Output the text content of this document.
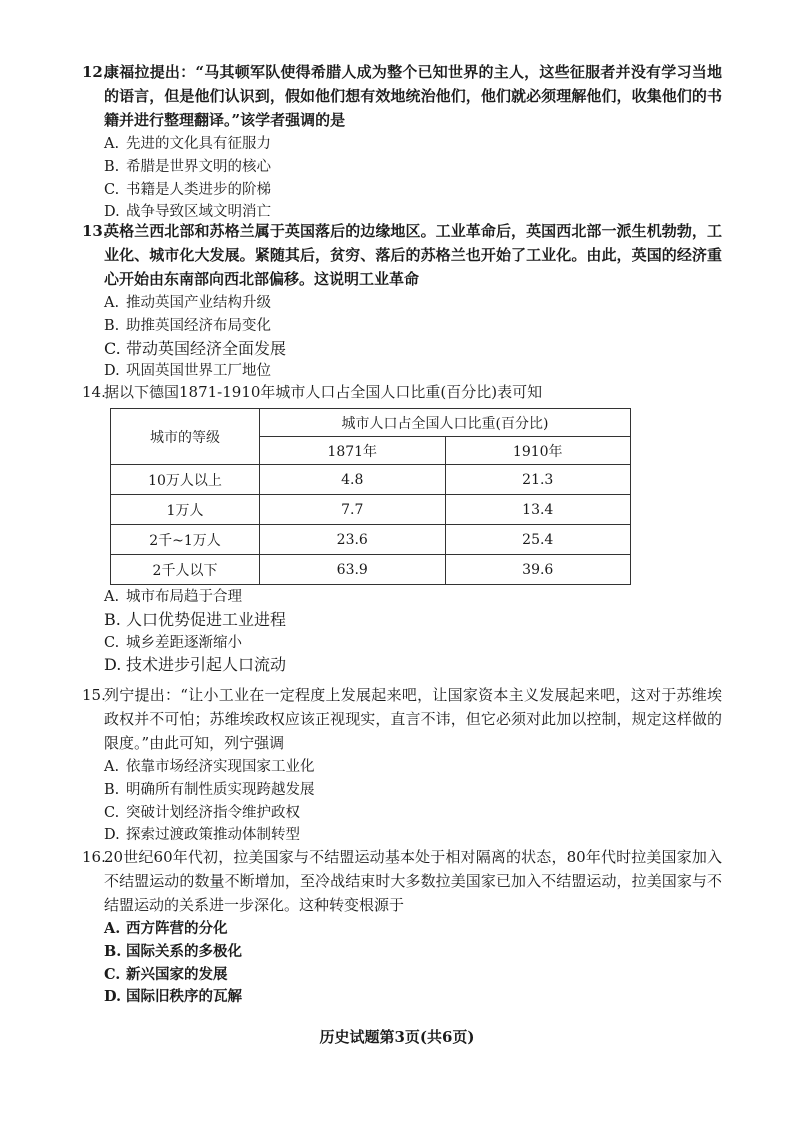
12.
康福拉提出：“马其顿军队使得希腊人成为整个已知世界的主人，这些征服者并没有学习当地的语言，但是他们认识到，假如他们想有效地统治他们，他们就必须理解他们，收集他们的书籍并进行整理翻译。”该学者强调的是
A. 先进的文化具有征服力
B. 希腊是世界文明的核心
C. 书籍是人类进步的阶梯
D. 战争导致区域文明消亡
13.
英格兰西北部和苏格兰属于英国落后的边缘地区。工业革命后，英国西北部一派生机勃勃，工业化、城市化大发展。紧随其后，贫穷、落后的苏格兰也开始了工业化。由此，英国的经济重心开始由东南部向西北部偏移。这说明工业革命
A. 推动英国产业结构升级
B. 助推英国经济布局变化
C. 带动英国经济全面发展
D. 巩固英国世界工厂地位
14.
据以下德国1871-1910年城市人口占全国人口比重(百分比)表可知
城市的等级	城市人口占全国人口比重(百分比)	
	1871年	1910年
10万人以上	4.8	21.3
1万人	7.7	13.4
2千~1万人	23.6	25.4
2千人以下	63.9	39.6
A. 城市布局趋于合理
B. 人口优势促进工业进程
C. 城乡差距逐渐缩小
D. 技术进步引起人口流动
15.
列宁提出：“让小工业在一定程度上发展起来吧，让国家资本主义发展起来吧，这对于苏维埃政权并不可怕；苏维埃政权应该正视现实，直言不讳，但它必须对此加以控制，规定这样做的限度。”由此可知，列宁强调
A. 依靠市场经济实现国家工业化
B. 明确所有制性质实现跨越发展
C. 突破计划经济指令维护政权
D. 探索过渡政策推动体制转型
16.
20世纪60年代初，拉美国家与不结盟运动基本处于相对隔离的状态，80年代时拉美国家加入不结盟运动的数量不断增加，至冷战结束时大多数拉美国家已加入不结盟运动，拉美国家与不结盟运动的关系进一步深化。这种转变根源于
A. 西方阵营的分化
B. 国际关系的多极化
C. 新兴国家的发展
D. 国际旧秩序的瓦解
历史试题第3页(共6页)
